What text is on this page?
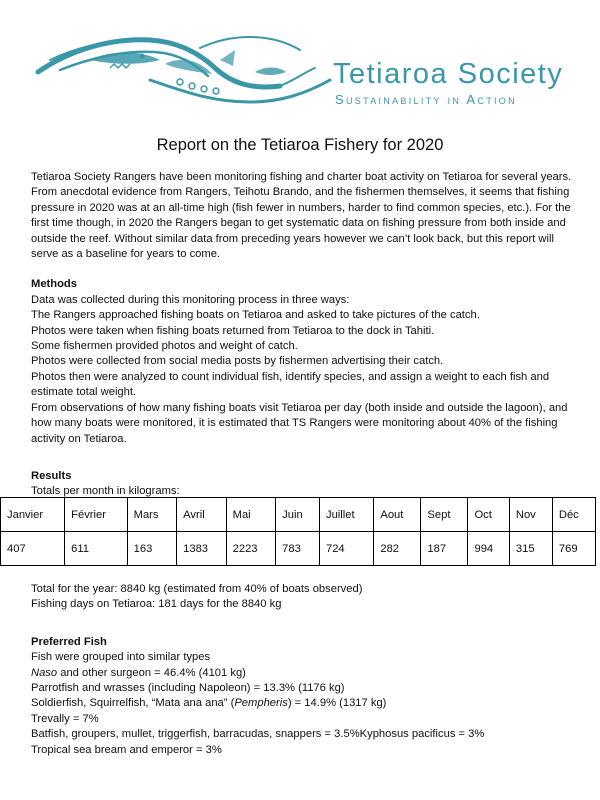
Tetiaroa Society
Sustainability in Action
Report on the Tetiaroa Fishery for 2020

Tetiaroa Society Rangers have been monitoring fishing and charter boat activity on Tetiaroa for several years. From anecdotal evidence from Rangers, Teihotu Brando, and the fishermen themselves, it seems that fishing pressure in 2020 was at an all-time high (fish fewer in numbers, harder to find common species, etc.). For the first time though, in 2020 the Rangers began to get systematic data on fishing pressure from both inside and outside the reef. Without similar data from preceding years however we can’t look back, but this report will serve as a baseline for years to come.

Methods

Data was collected during this monitoring process in three ways:

The Rangers approached fishing boats on Tetiaroa and asked to take pictures of the catch.

Photos were taken when fishing boats returned from Tetiaroa to the dock in Tahiti.

Some fishermen provided photos and weight of catch.

Photos were collected from social media posts by fishermen advertising their catch.

Photos then were analyzed to count individual fish, identify species, and assign a weight to each fish and estimate total weight.

From observations of how many fishing boats visit Tetiaroa per day (both inside and outside the lagoon), and how many boats were monitored, it is estimated that TS Rangers were monitoring about 40% of the fishing activity on Tetiaroa.

Results

Totals per month in kilograms:

Janvier	Février	Mars	Avril	Mai	Juin	Juillet	Aout	Sept	Oct	Nov	Déc
407	611	163	1383	2223	783	724	282	187	994	315	769

Total for the year: 8840 kg (estimated from 40% of boats observed)

Fishing days on Tetiaroa: 181 days for the 8840 kg

Preferred Fish

Fish were grouped into similar types

Naso and other surgeon = 46.4% (4101 kg)

Parrotfish and wrasses (including Napoleon) = 13.3% (1176 kg)

Soldierfish, Squirrelfish, “Mata ana ana” (Pempheris) = 14.9% (1317 kg)

Trevally = 7%

Batfish, groupers, mullet, triggerfish, barracudas, snappers = 3.5%Kyphosus pacificus = 3%

Tropical sea bream and emperor = 3%
